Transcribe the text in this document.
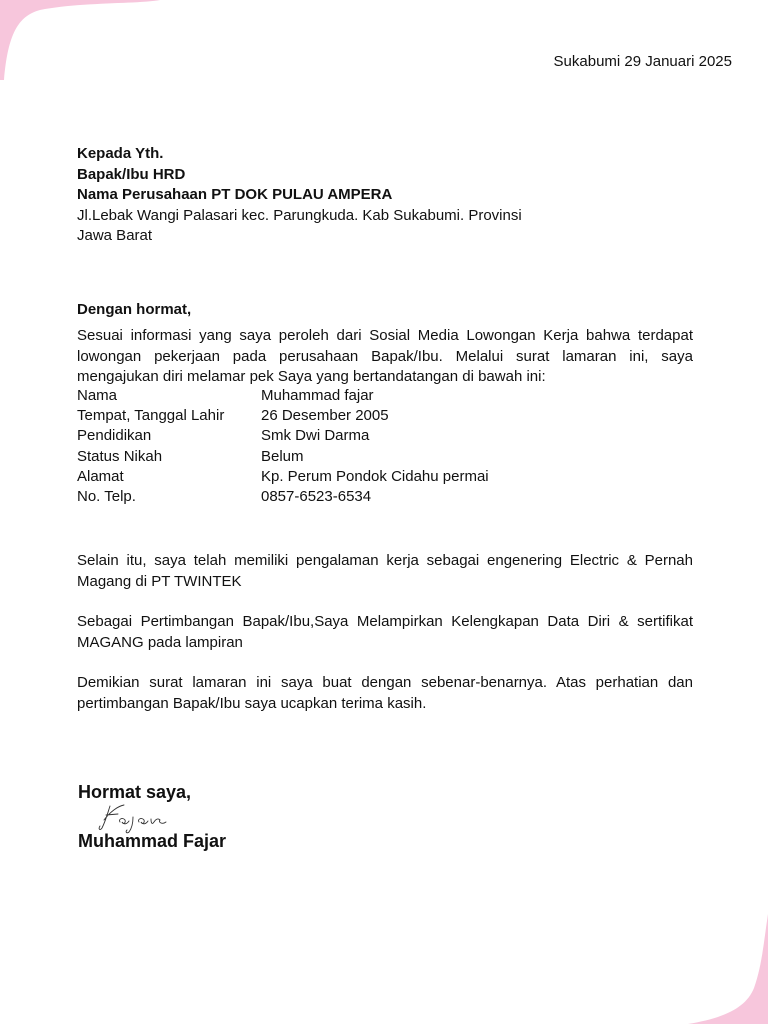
Sukabumi 29 Januari 2025
Kepada Yth.
Bapak/Ibu HRD
Nama Perusahaan PT DOK PULAU AMPERA
Jl.Lebak Wangi Palasari kec. Parungkuda. Kab Sukabumi. Provinsi Jawa Barat
Dengan hormat,
Sesuai informasi yang saya peroleh dari Sosial Media Lowongan Kerja bahwa terdapat lowongan pekerjaan pada perusahaan Bapak/Ibu. Melalui surat lamaran ini, saya mengajukan diri melamar pek Saya yang bertandatangan di bawah ini:
Nama	Muhammad fajar
Tempat, Tanggal Lahir	26 Desember 2005
Pendidikan	Smk Dwi Darma
Status Nikah	Belum
Alamat	Kp. Perum Pondok Cidahu permai
No. Telp.	0857-6523-6534
Selain itu, saya telah memiliki pengalaman kerja sebagai engenering Electric & Pernah Magang di PT TWINTEK
Sebagai Pertimbangan Bapak/Ibu,Saya Melampirkan Kelengkapan Data Diri & sertifikat MAGANG pada lampiran
Demikian surat lamaran ini saya buat dengan sebenar-benarnya. Atas perhatian dan pertimbangan Bapak/Ibu saya ucapkan terima kasih.
Hormat saya,
Muhammad Fajar
